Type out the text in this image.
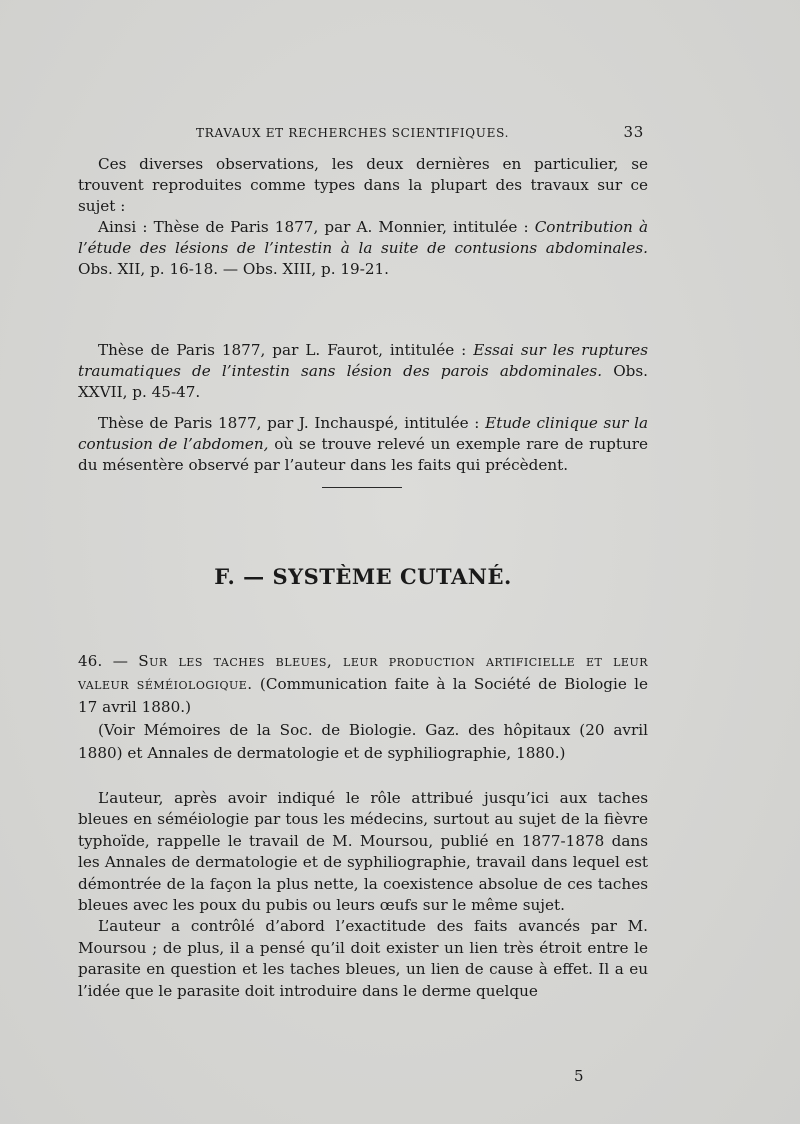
TRAVAUX ET RECHERCHES SCIENTIFIQUES.	33

Ces diverses observations, les deux dernières en particulier, se trouvent reproduites comme types dans la plupart des travaux sur ce sujet :

Ainsi : Thèse de Paris 1877, par A. Monnier, intitulée : Contribution à l’étude des lésions de l’intestin à la suite de contusions abdominales. Obs. XII, p. 16-18. — Obs. XIII, p. 19-21.

Thèse de Paris 1877, par L. Faurot, intitulée : Essai sur les ruptures traumatiques de l’intestin sans lésion des parois abdominales. Obs. XXVII, p. 45-47.

Thèse de Paris 1877, par J. Inchauspé, intitulée : Etude clinique sur la contusion de l’abdomen, où se trouve relevé un exemple rare de rupture du mésentère observé par l’auteur dans les faits qui précèdent.

F. — SYSTÈME CUTANÉ.

46. — Sur les taches bleues, leur production artificielle et leur valeur séméiologique. (Communication faite à la Société de Biologie le 17 avril 1880.)

(Voir Mémoires de la Soc. de Biologie. Gaz. des hôpitaux (20 avril 1880) et Annales de dermatologie et de syphiliographie, 1880.)

L’auteur, après avoir indiqué le rôle attribué jusqu’ici aux taches bleues en séméiologie par tous les médecins, surtout au sujet de la fièvre typhoïde, rappelle le travail de M. Moursou, publié en 1877-1878 dans les Annales de dermatologie et de syphiliographie, travail dans lequel est démontrée de la façon la plus nette, la coexistence absolue de ces taches bleues avec les poux du pubis ou leurs œufs sur le même sujet.

L’auteur a contrôlé d’abord l’exactitude des faits avancés par M. Moursou ; de plus, il a pensé qu’il doit exister un lien très étroit entre le parasite en question et les taches bleues, un lien de cause à effet. Il a eu l’idée que le parasite doit introduire dans le derme quelque

5
